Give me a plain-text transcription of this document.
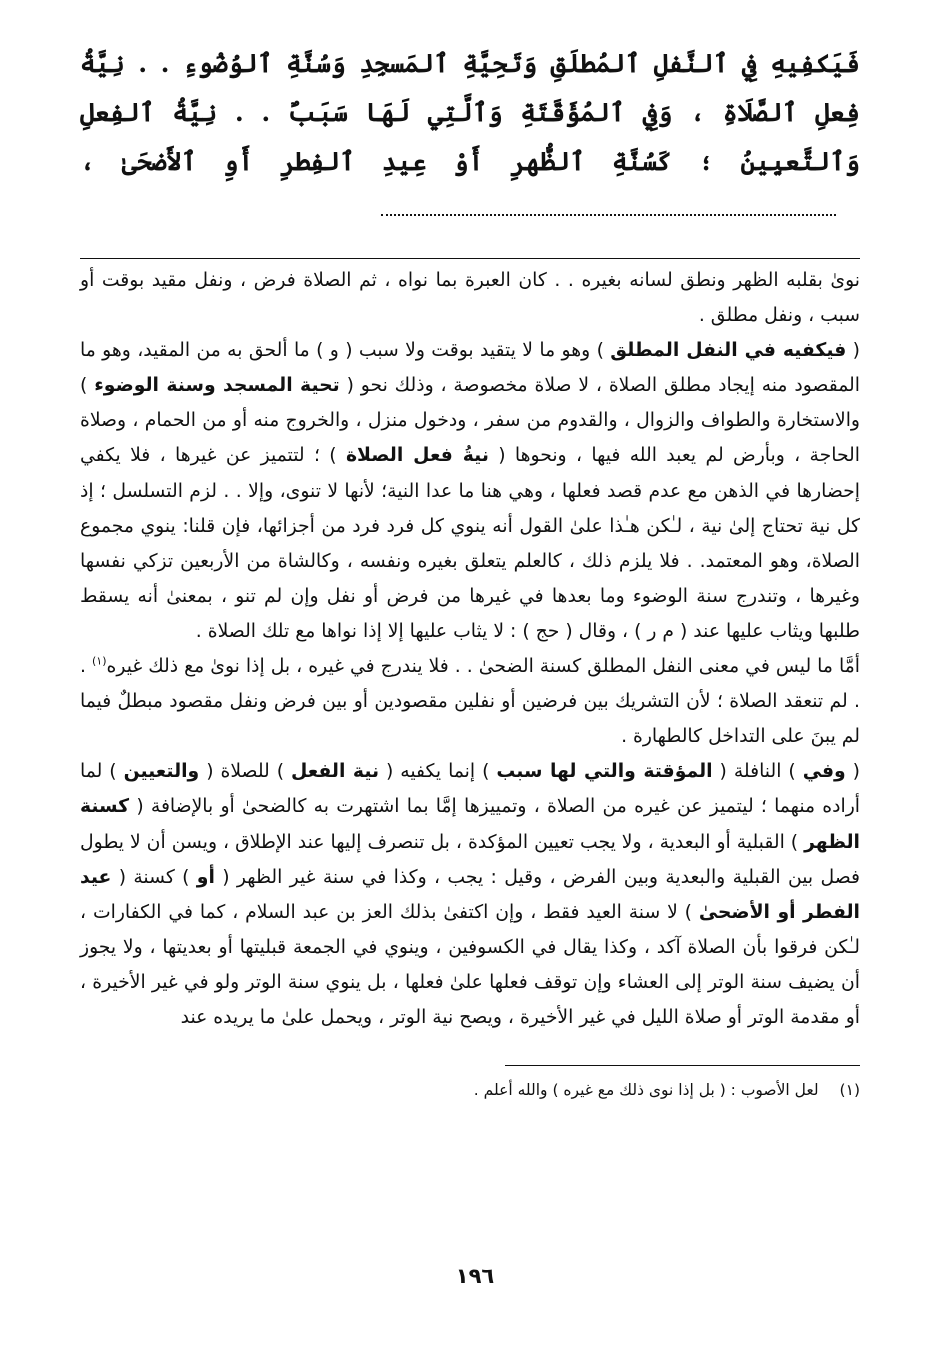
فَيَكفِيهِ فِي ٱلنَّفلِ ٱلمُطلَقِ وَتَحِيَّةِ ٱلمَسجِدِ وَسُنَّةِ ٱلوُضُوءِ . . نِيَّةُ فِعلِ ٱلصَّلَاةِ ، وَفِي ٱلمُؤَقَّتَةِ وَٱلَّتِي لَهَا سَبَبٌ . . نِيَّةُ ٱلفِعلِ وَٱلتَّعيِينُ ؛ كَسُنَّةِ ٱلظُّهرِ أَوْ عِيدِ ٱلفِطرِ أَوِ ٱلأَضحَىٰ ،

نوىٰ بقلبه الظهر ونطق لسانه بغيره . . كان العبرة بما نواه ، ثم الصلاة فرض ، ونفل مقيد بوقت أو سبب ، ونفل مطلق .

( فيكفيه في النفل المطلق ) وهو ما لا يتقيد بوقت ولا سبب ( و ) ما ألحق به من المقيد، وهو ما المقصود منه إيجاد مطلق الصلاة ، لا صلاة مخصوصة ، وذلك نحو ( تحية المسجد وسنة الوضوء ) والاستخارة والطواف والزوال ، والقدوم من سفر ، ودخول منزل ، والخروج منه أو من الحمام ، وصلاة الحاجة ، وبأرض لم يعبد الله فيها ، ونحوها ( نيةُ فعل الصلاة ) ؛ لتتميز عن غيرها ، فلا يكفي إحضارها في الذهن مع عدم قصد فعلها ، وهي هنا ما عدا النية؛ لأنها لا تنوى، وإلا . . لزم التسلسل ؛ إذ كل نية تحتاج إلىٰ نية ، لـٰكن هـٰذا علىٰ القول أنه ينوي كل فرد فرد من أجزائها، فإن قلنا: ينوي مجموع الصلاة، وهو المعتمد. . فلا يلزم ذلك ، كالعلم يتعلق بغيره ونفسه ، وكالشاة من الأربعين تزكي نفسها وغيرها ، وتندرج سنة الوضوء وما بعدها في غيرها من فرض أو نفل وإن لم تنو ، بمعنىٰ أنه يسقط طلبها ويثاب عليها عند ( م ر ) ، وقال ( حج ) : لا يثاب عليها إلا إذا نواها مع تلك الصلاة .

أمَّا ما ليس في معنى النفل المطلق كسنة الضحىٰ . . فلا يندرج في غيره ، بل إذا نوىٰ مع ذلك غيره$^{(١)}$ . . لم تنعقد الصلاة ؛ لأن التشريك بين فرضين أو نفلين مقصودين أو بين فرض ونفل مقصود مبطلٌ فيما لم يبنَ على التداخل كالطهارة .

( وفي ) النافلة ( المؤقتة والتي لها سبب ) إنما يكفيه ( نية الفعل ) للصلاة ( والتعيين ) لما أراده منهما ؛ ليتميز عن غيره من الصلاة ، وتمييزها إمَّا بما اشتهرت به كالضحىٰ أو بالإضافة ( كسنة الظهر ) القبلية أو البعدية ، ولا يجب تعيين المؤكدة ، بل تنصرف إليها عند الإطلاق ، ويسن أن لا يطول فصل بين القبلية والبعدية وبين الفرض ، وقيل : يجب ، وكذا في سنة غير الظهر ( أو ) كسنة ( عيد الفطر أو الأضحىٰ ) لا سنة العيد فقط ، وإن اكتفىٰ بذلك العز بن عبد السلام ، كما في الكفارات ، لـٰكن فرقوا بأن الصلاة آكد ، وكذا يقال في الكسوفين ، وينوي في الجمعة قبليتها أو بعديتها ، ولا يجوز أن يضيف سنة الوتر إلى العشاء وإن توقف فعلها علىٰ فعلها ، بل ينوي سنة الوتر ولو في غير الأخيرة ، أو مقدمة الوتر أو صلاة الليل في غير الأخيرة ، ويصح نية الوتر ، ويحمل علىٰ ما يريده عند

(١) لعل الأصوب : ( بل إذا نوى ذلك مع غيره ) والله أعلم .
١٩٦
